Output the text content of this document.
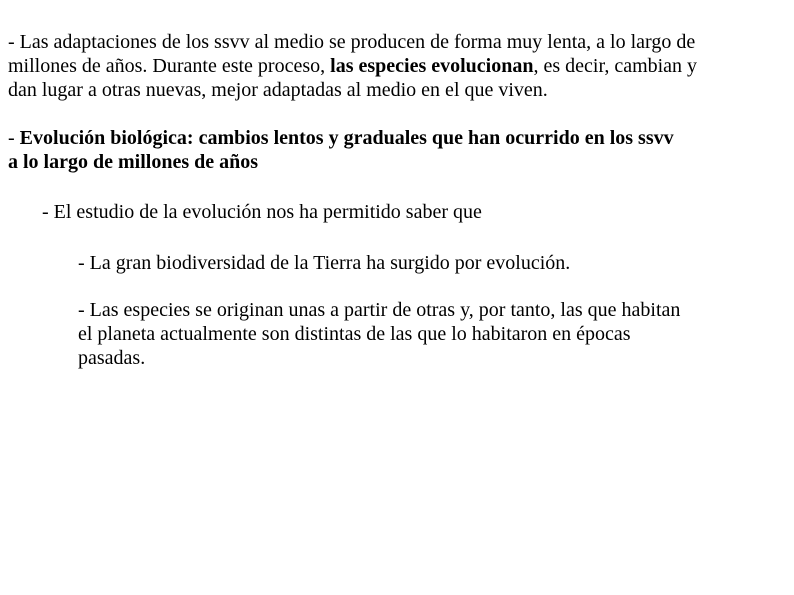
- Las adaptaciones de los ssvv al medio se producen de forma muy lenta, a lo largo de
millones de años. Durante este proceso, las especies evolucionan, es decir, cambian y
dan lugar a otras nuevas, mejor adaptadas al medio en el que viven.
- Evolución biológica: cambios lentos y graduales que han ocurrido en los ssvv
a lo largo de millones de años
- El estudio de la evolución nos ha permitido saber que
- La gran biodiversidad de la Tierra ha surgido por evolución.
- Las especies se originan unas a partir de otras y, por tanto, las que habitan
el planeta actualmente son distintas de las que lo habitaron en épocas
pasadas.
